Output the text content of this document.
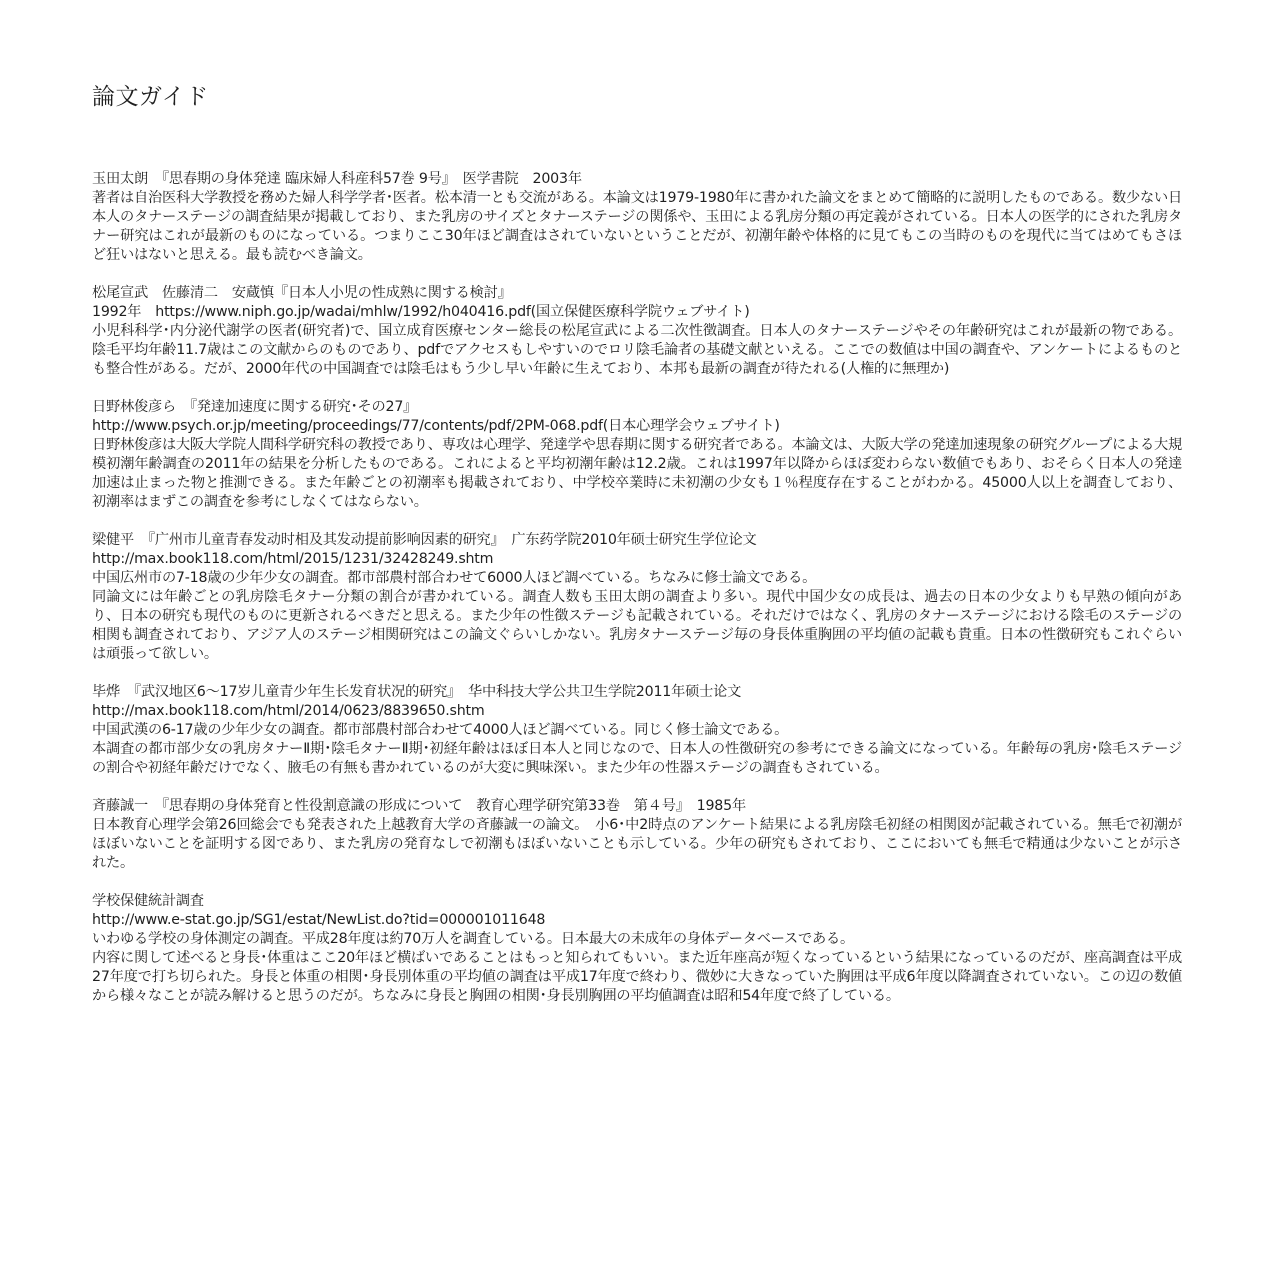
論文ガイド
玉田太朗　『思春期の身体発達 臨床婦人科産科57巻 9号』　医学書院　2003年
著者は自治医科大学教授を務めた婦人科学学者･医者。松本清一とも交流がある。本論文は1979-1980年に書かれた論文をまとめて簡略的に説明したものである。数少ない日本人のタナーステージの調査結果が掲載しており、また乳房のサイズとタナーステージの関係や、玉田による乳房分類の再定義がされている。日本人の医学的にされた乳房タナー研究はこれが最新のものになっている。つまりここ30年ほど調査はされていないということだが、初潮年齢や体格的に見てもこの当時のものを現代に当てはめてもさほど狂いはないと思える。最も読むべき論文。
松尾宣武　佐藤清二　安蔵慎『日本人小児の性成熟に関する検討』
1992年　https://www.niph.go.jp/wadai/mhlw/1992/h040416.pdf(国立保健医療科学院ウェブサイト)
小児科科学･内分泌代謝学の医者(研究者)で、国立成育医療センター総長の松尾宣武による二次性徴調査。日本人のタナーステージやその年齢研究はこれが最新の物である。陰毛平均年齢11.7歳はこの文献からのものであり、pdfでアクセスもしやすいのでロリ陰毛論者の基礎文献といえる。ここでの数値は中国の調査や、アンケートによるものとも整合性がある。だが、2000年代の中国調査では陰毛はもう少し早い年齢に生えており、本邦も最新の調査が待たれる(人権的に無理か)
日野林俊彦ら　『発達加速度に関する研究･その27』
http://www.psych.or.jp/meeting/proceedings/77/contents/pdf/2PM-068.pdf(日本心理学会ウェブサイト)
日野林俊彦は大阪大学院人間科学研究科の教授であり、専攻は心理学、発達学や思春期に関する研究者である。本論文は、大阪大学の発達加速現象の研究グループによる大規模初潮年齢調査の2011年の結果を分析したものである。これによると平均初潮年齢は12.2歳。これは1997年以降からほぼ変わらない数値でもあり、おそらく日本人の発達加速は止まった物と推測できる。また年齢ごとの初潮率も掲載されており、中学校卒業時に未初潮の少女も１％程度存在することがわかる。45000人以上を調査しており、初潮率はまずこの調査を参考にしなくてはならない。
梁健平　『广州市儿童青春发动时相及其发动提前影响因素的研究』　广东药学院2010年硕士研究生学位论文
http://max.book118.com/html/2015/1231/32428249.shtm
中国広州市の7-18歳の少年少女の調査。都市部農村部合わせて6000人ほど調べている。ちなみに修士論文である。
同論文には年齢ごとの乳房陰毛タナー分類の割合が書かれている。調査人数も玉田太朗の調査より多い。現代中国少女の成長は、過去の日本の少女よりも早熟の傾向があり、日本の研究も現代のものに更新されるべきだと思える。また少年の性徴ステージも記載されている。それだけではなく、乳房のタナーステージにおける陰毛のステージの相関も調査されており、アジア人のステージ相関研究はこの論文ぐらいしかない。乳房タナーステージ毎の身長体重胸囲の平均値の記載も貴重。日本の性徴研究もこれぐらいは頑張って欲しい。
毕烨　『武汉地区6〜17岁儿童青少年生长发育状况的研究』　华中科技大学公共卫生学院2011年硕士论文
http://max.book118.com/html/2014/0623/8839650.shtm
中国武漢の6-17歳の少年少女の調査。都市部農村部合わせて4000人ほど調べている。同じく修士論文である。
本調査の都市部少女の乳房タナーⅡ期･陰毛タナーⅡ期･初経年齢はほぼ日本人と同じなので、日本人の性徴研究の参考にできる論文になっている。年齢毎の乳房･陰毛ステージの割合や初経年齢だけでなく、腋毛の有無も書かれているのが大変に興味深い。また少年の性器ステージの調査もされている。
斉藤誠一　『思春期の身体発育と性役割意識の形成について　教育心理学研究第33巻　第４号』　1985年
日本教育心理学会第26回総会でも発表された上越教育大学の斉藤誠一の論文。　小6･中2時点のアンケート結果による乳房陰毛初経の相関図が記載されている。無毛で初潮がほぼいないことを証明する図であり、また乳房の発育なしで初潮もほぼいないことも示している。少年の研究もされており、ここにおいても無毛で精通は少ないことが示された。
学校保健統計調査
http://www.e-stat.go.jp/SG1/estat/NewList.do?tid=000001011648
いわゆる学校の身体測定の調査。平成28年度は約70万人を調査している。日本最大の未成年の身体データベースである。
内容に関して述べると身長･体重はここ20年ほど横ばいであることはもっと知られてもいい。また近年座高が短くなっているという結果になっているのだが、座高調査は平成27年度で打ち切られた。身長と体重の相関･身長別体重の平均値の調査は平成17年度で終わり、微妙に大きなっていた胸囲は平成6年度以降調査されていない。この辺の数値から様々なことが読み解けると思うのだが。ちなみに身長と胸囲の相関･身長別胸囲の平均値調査は昭和54年度で終了している。
